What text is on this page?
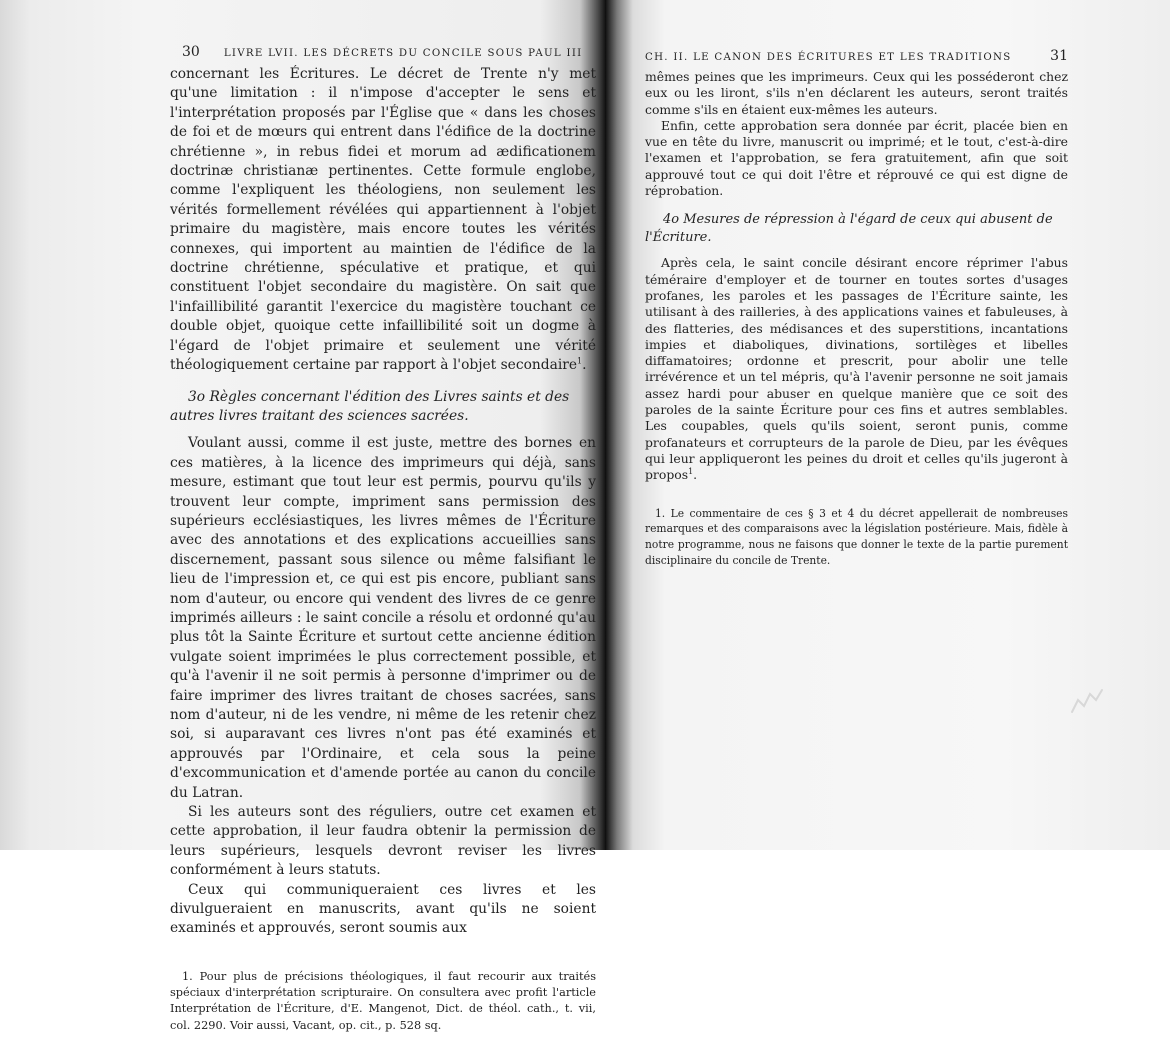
30 LIVRE LVII. LES DÉCRETS DU CONCILE SOUS PAUL III

concernant les Écritures. Le décret de Trente n'y met qu'une limitation : il n'impose d'accepter le sens et l'interprétation proposés par l'Église que « dans les choses de foi et de mœurs qui entrent dans l'édifice de la doctrine chrétienne », in rebus fidei et morum ad ædificationem doctrinæ christianæ pertinentes. Cette formule englobe, comme l'expliquent les théologiens, non seulement les vérités formellement révélées qui appartiennent à l'objet primaire du magistère, mais encore toutes les vérités connexes, qui importent au maintien de l'édifice de la doctrine chrétienne, spéculative et pratique, et qui constituent l'objet secondaire du magistère. On sait que l'infaillibilité garantit l'exercice du magistère touchant ce double objet, quoique cette infaillibilité soit un dogme à l'égard de l'objet primaire et seulement une vérité théologiquement certaine par rapport à l'objet secondaire$^1$.

3o Règles concernant l'édition des Livres saints et des autres livres traitant des sciences sacrées.

Voulant aussi, comme il est juste, mettre des bornes en ces matières, à la licence des imprimeurs qui déjà, sans mesure, estimant que tout leur est permis, pourvu qu'ils y trouvent leur compte, impriment sans permission des supérieurs ecclésiastiques, les livres mêmes de l'Écriture avec des annotations et des explications accueillies sans discernement, passant sous silence ou même falsifiant le lieu de l'impression et, ce qui est pis encore, publiant sans nom d'auteur, ou encore qui vendent des livres de ce genre imprimés ailleurs : le saint concile a résolu et ordonné qu'au plus tôt la Sainte Écriture et surtout cette ancienne édition vulgate soient imprimées le plus correctement possible, et qu'à l'avenir il ne soit permis à personne d'imprimer ou de faire imprimer des livres traitant de choses sacrées, sans nom d'auteur, ni de les vendre, ni même de les retenir chez soi, si auparavant ces livres n'ont pas été examinés et approuvés par l'Ordinaire, et cela sous la peine d'excommunication et d'amende portée au canon du concile du Latran.

Si les auteurs sont des réguliers, outre cet examen et cette approbation, il leur faudra obtenir la permission de leurs supérieurs, lesquels devront reviser les livres conformément à leurs statuts.

Ceux qui communiqueraient ces livres et les divulgueraient en manuscrits, avant qu'ils ne soient examinés et approuvés, seront soumis aux

1. Pour plus de précisions théologiques, il faut recourir aux traités spéciaux d'interprétation scripturaire. On consultera avec profit l'article Interprétation de l'Écriture, d'E. Mangenot, Dict. de théol. cath., t. vii, col. 2290. Voir aussi, Vacant, op. cit., p. 528 sq.

CH. II. LE CANON DES ÉCRITURES ET LES TRADITIONS	31

mêmes peines que les imprimeurs. Ceux qui les posséderont chez eux ou les liront, s'ils n'en déclarent les auteurs, seront traités comme s'ils en étaient eux-mêmes les auteurs.

Enfin, cette approbation sera donnée par écrit, placée bien en vue en tête du livre, manuscrit ou imprimé; et le tout, c'est-à-dire l'examen et l'approbation, se fera gratuitement, afin que soit approuvé tout ce qui doit l'être et réprouvé ce qui est digne de réprobation.

4o Mesures de répression à l'égard de ceux qui abusent de l'Écriture.

Après cela, le saint concile désirant encore réprimer l'abus téméraire d'employer et de tourner en toutes sortes d'usages profanes, les paroles et les passages de l'Écriture sainte, les utilisant à des railleries, à des applications vaines et fabuleuses, à des flatteries, des médisances et des superstitions, incantations impies et diaboliques, divinations, sortilèges et libelles diffamatoires; ordonne et prescrit, pour abolir une telle irrévérence et un tel mépris, qu'à l'avenir personne ne soit jamais assez hardi pour abuser en quelque manière que ce soit des paroles de la sainte Écriture pour ces fins et autres semblables. Les coupables, quels qu'ils soient, seront punis, comme profanateurs et corrupteurs de la parole de Dieu, par les évêques qui leur appliqueront les peines du droit et celles qu'ils jugeront à propos$^1$.

1. Le commentaire de ces § 3 et 4 du décret appellerait de nombreuses remarques et des comparaisons avec la législation postérieure. Mais, fidèle à notre programme, nous ne faisons que donner le texte de la partie purement disciplinaire du concile de Trente.
